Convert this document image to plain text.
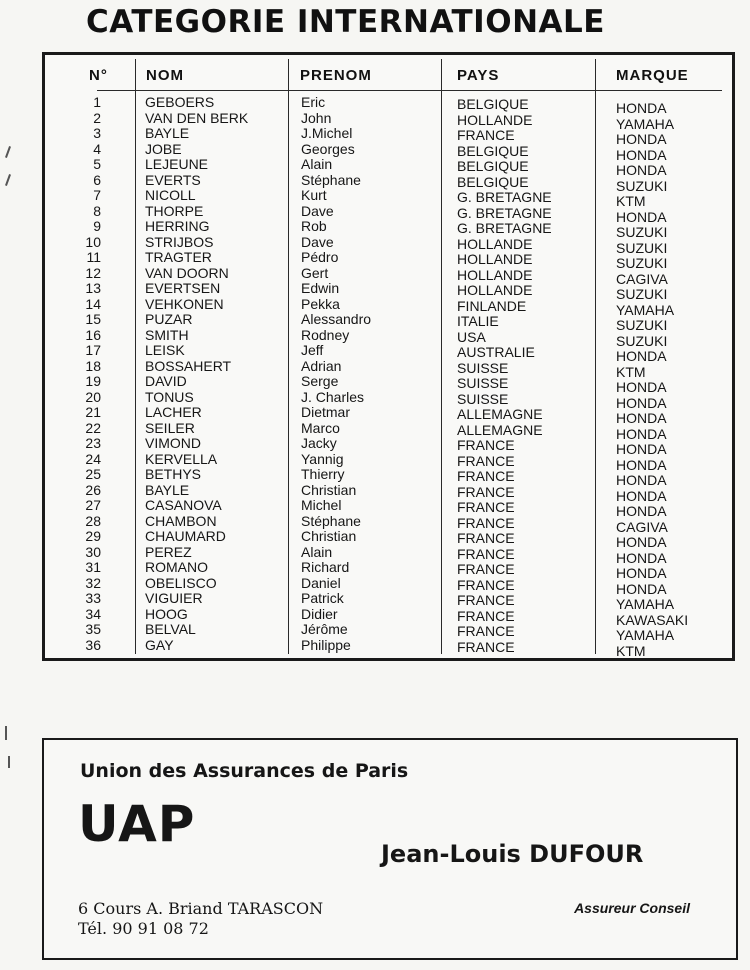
CATEGORIE INTERNATIONALE
N°	NOM	PRENOM	PAYS	MARQUE
1	GEBOERS	Eric	BELGIQUE	HONDA
2	VAN DEN BERK	John	HOLLANDE	YAMAHA
3	BAYLE	J.Michel	FRANCE	HONDA
4	JOBE	Georges	BELGIQUE	HONDA
5	LEJEUNE	Alain	BELGIQUE	HONDA
6	EVERTS	Stéphane	BELGIQUE	SUZUKI
7	NICOLL	Kurt	G. BRETAGNE	KTM
8	THORPE	Dave	G. BRETAGNE	HONDA
9	HERRING	Rob	G. BRETAGNE	SUZUKI
10	STRIJBOS	Dave	HOLLANDE	SUZUKI
11	TRAGTER	Pédro	HOLLANDE	SUZUKI
12	VAN DOORN	Gert	HOLLANDE	CAGIVA
13	EVERTSEN	Edwin	HOLLANDE	SUZUKI
14	VEHKONEN	Pekka	FINLANDE	YAMAHA
15	PUZAR	Alessandro	ITALIE	SUZUKI
16	SMITH	Rodney	USA	SUZUKI
17	LEISK	Jeff	AUSTRALIE	HONDA
18	BOSSAHERT	Adrian	SUISSE	KTM
19	DAVID	Serge	SUISSE	HONDA
20	TONUS	J. Charles	SUISSE	HONDA
21	LACHER	Dietmar	ALLEMAGNE	HONDA
22	SEILER	Marco	ALLEMAGNE	HONDA
23	VIMOND	Jacky	FRANCE	HONDA
24	KERVELLA	Yannig	FRANCE	HONDA
25	BETHYS	Thierry	FRANCE	HONDA
26	BAYLE	Christian	FRANCE	HONDA
27	CASANOVA	Michel	FRANCE	HONDA
28	CHAMBON	Stéphane	FRANCE	CAGIVA
29	CHAUMARD	Christian	FRANCE	HONDA
30	PEREZ	Alain	FRANCE	HONDA
31	ROMANO	Richard	FRANCE	HONDA
32	OBELISCO	Daniel	FRANCE	HONDA
33	VIGUIER	Patrick	FRANCE	YAMAHA
34	HOOG	Didier	FRANCE	KAWASAKI
35	BELVAL	Jérôme	FRANCE	YAMAHA
36	GAY	Philippe	FRANCE	KTM
Union des Assurances de Paris
UAP
Jean-Louis DUFOUR
6 Cours A. Briand TARASCON
Tél. 90 91 08 72
Assureur Conseil
